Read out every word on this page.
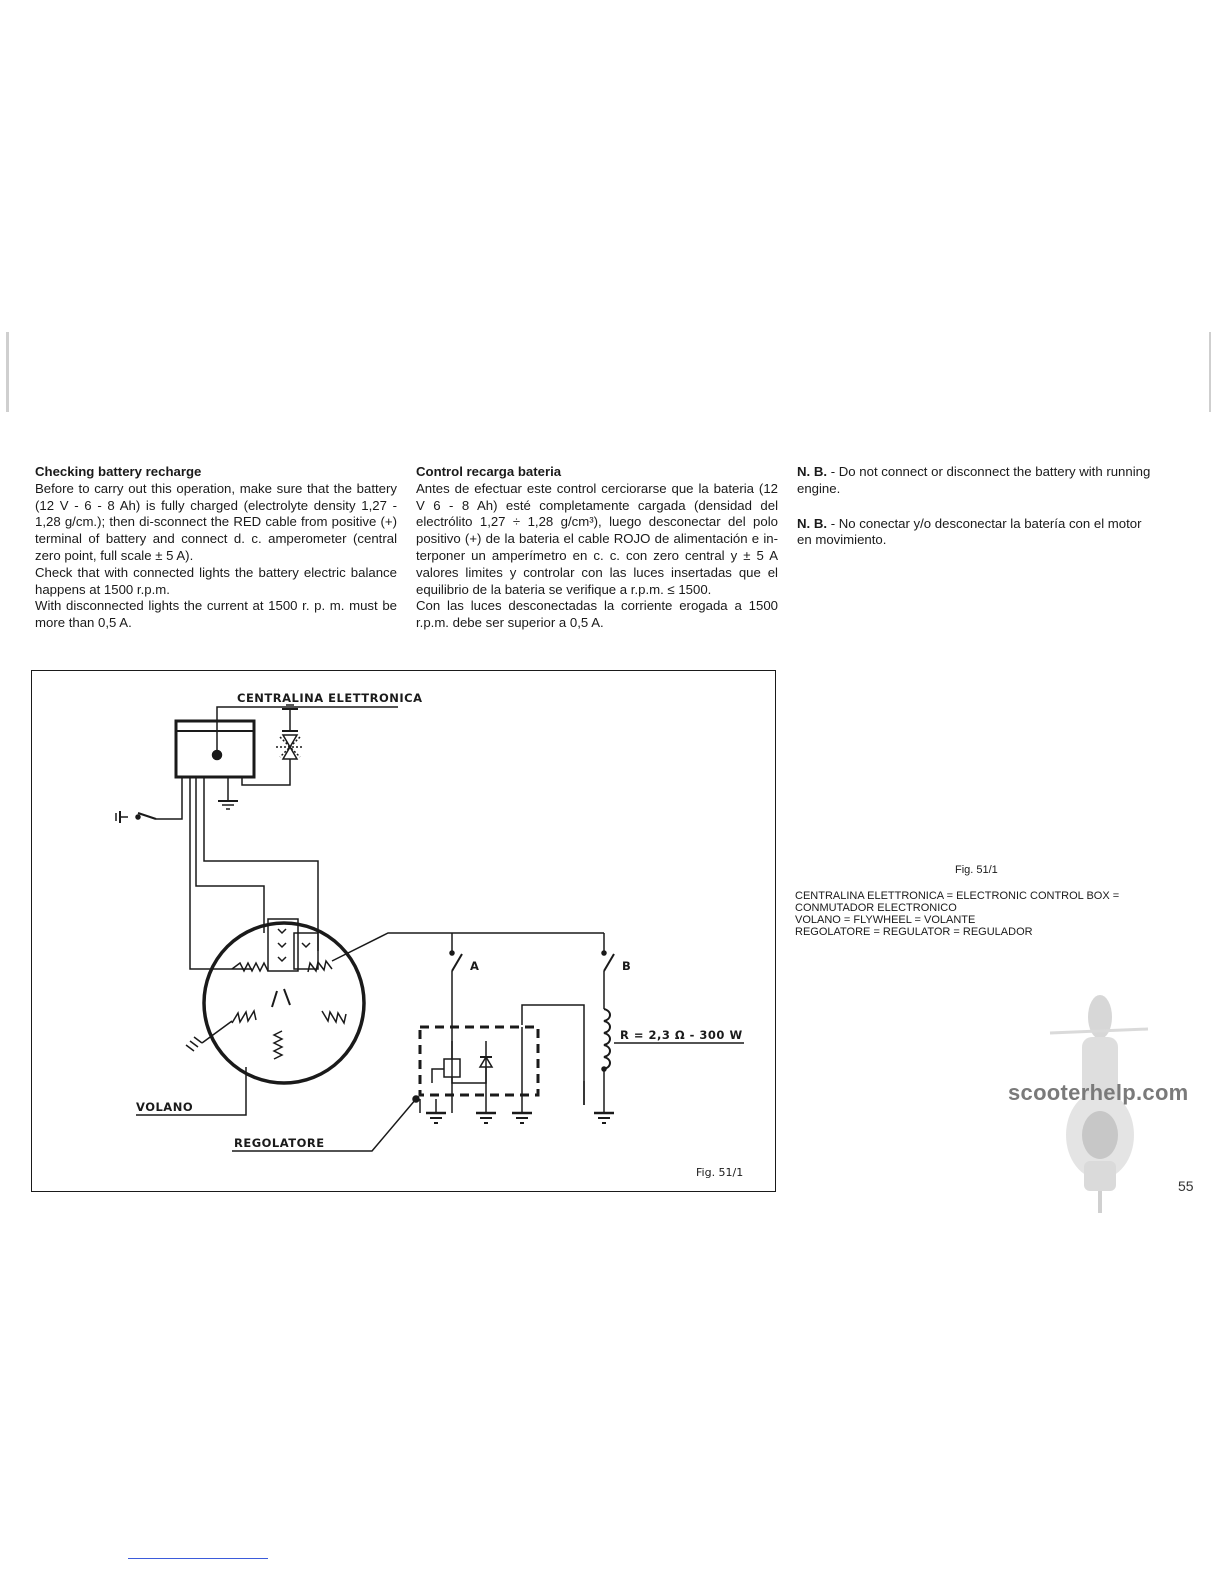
Checking battery recharge

Before to carry out this operation, make sure that the battery (12 V - 6 - 8 Ah) is fully charged (electrolyte density 1,27 - 1,28 g/cm.); then di-sconnect the RED cable from positive (+) terminal of battery and connect d. c. amperometer (central zero point, full scale ± 5 A).

Check that with connected lights the battery electric balance happens at 1500 r.p.m.

With disconnected lights the current at 1500 r. p. m. must be more than 0,5 A.

Control recarga bateria

Antes de efectuar este control cerciorarse que la bateria (12 V 6 - 8 Ah) esté completamente cargada (densidad del electrólito 1,27 ÷ 1,28 g/cm³), luego desconectar del polo positivo (+) de la bateria el cable ROJO de alimentación e in-terponer un amperímetro en c. c. con zero central y ± 5 A valores limites y controlar con las luces insertadas que el equilibrio de la bateria se verifique a r.p.m. ≤ 1500.

Con las luces desconectadas la corriente erogada a 1500 r.p.m. debe ser superior a 0,5 A.

N. B. - Do not connect or disconnect the battery with running engine.

N. B. - No conectar y/o desconectar la batería con el motor en movimiento.

CENTRALINA ELETTRONICA
VOLANO
A	B
R = 2,3 Ω - 300 W
REGOLATORE
Fig. 51/1
Fig. 51/1
CENTRALINA ELETTRONICA = ELECTRONIC CONTROL BOX =
CONMUTADOR ELECTRONICO
VOLANO = FLYWHEEL = VOLANTE
REGOLATORE = REGULATOR = REGULADOR
scooterhelp.com
55
